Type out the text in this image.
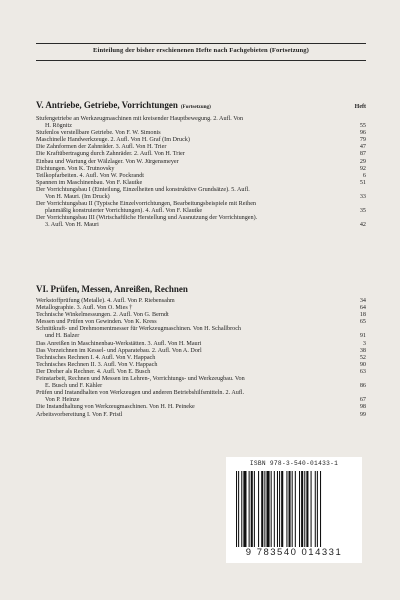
Einteilung der bisher erschienenen Hefte nach Fachgebieten (Fortsetzung)
V. Antriebe, Getriebe, Vorrichtungen (Fortsetzung)	Heft
Stufengetriebe an Werkzeugmaschinen mit kreisender Hauptbewegung. 2. Aufl. Von
H. Rögnitz	55
Stufenlos verstellbare Getriebe. Von F. W. Simonis	96
Maschinelle Handwerkzeuge. 2. Aufl. Von H. Graf (Im Druck)	79
Die Zahnformen der Zahnräder. 3. Aufl. Von H. Trier	47
Die Kraftübertragung durch Zahnräder. 2. Aufl. Von H. Trier	87
Einbau und Wartung der Wälzlager. Von W. Jürgensmeyer	29
Dichtungen. Von K. Trutnovsky	92
Teilkopfarbeiten. 4. Aufl. Von W. Pockrandt	6
Spannen im Maschinenbau. Von F. Klautke	51
Der Vorrichtungsbau I (Einteilung, Einzelheiten und konstruktive Grundsätze). 5. Aufl.
Von H. Mauri. (Im Druck)	33
Der Vorrichtungsbau II (Typische Einzelvorrichtungen, Bearbeitungsbeispiele mit Reihen
planmäßig konstruierter Vorrichtungen). 4. Aufl. Von F. Klautke	35
Der Vorrichtungsbau III (Wirtschaftliche Herstellung und Ausnutzung der Vorrichtungen).
3. Aufl. Von H. Mauri	42
VI. Prüfen, Messen, Anreißen, Rechnen
Werkstoffprüfung (Metalle). 4. Aufl. Von P. Riebensahm	34
Metallographie. 3. Aufl. Von O. Mies †	64
Technische Winkelmessungen. 2. Aufl. Von G. Berndt	18
Messen und Prüfen von Gewinden. Von K. Kress	65
Schnittkraft- und Drehmomentmesser für Werkzeugmaschinen. Von H. Schallbroch
und H. Balzer	91
Das Anreißen in Maschinenbau-Werkstätten. 3. Aufl. Von H. Mauri	3
Das Vorzeichnen im Kessel- und Apparatebau. 2. Aufl. Von A. Dorl	38
Technisches Rechnen I. 4. Aufl. Von V. Happach	52
Technisches Rechnen II. 3. Aufl. Von V. Happach	90
Der Dreher als Rechner. 4. Aufl. Von E. Busch	63
Feinstarbeit, Rechnen und Messen im Lehren-, Vorrichtungs- und Werkzeugbau. Von
E. Busch und F. Kähler	86
Prüfen und Instandhalten von Werkzeugen und anderen Betriebshilfsmitteln. 2. Aufl.
Von P. Heinze	67
Die Instandhaltung von Werkzeugmaschinen. Von H. H. Peineke	98
Arbeitsvorbereitung I. Von F. Pristl	99
ISBN 978-3-540-01433-1
9 783540 014331
